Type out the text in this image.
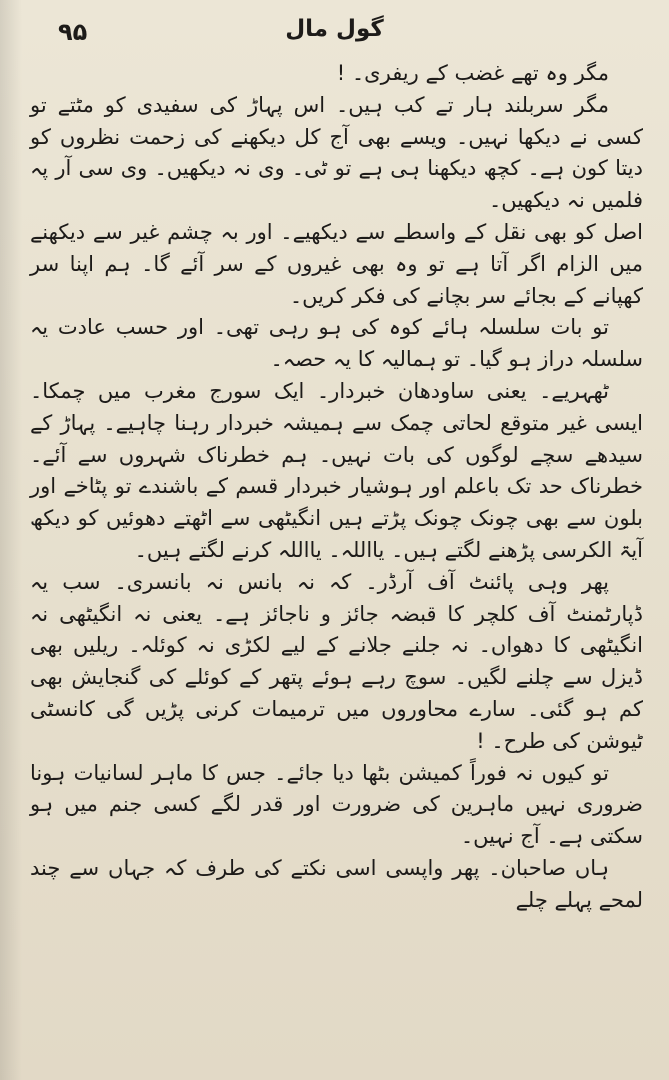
۹۵	گول مال

مگر وہ تھے غضب کے ریفری۔ !

مگر سربلند ہار تے کب ہیں۔ اس پہاڑ کی سفیدی کو مٹتے تو کسی نے دیکھا نہیں۔ ویسے بھی آج کل دیکھنے کی زحمت نظروں کو دیتا کون ہے۔ کچھ دیکھنا ہی ہے تو ٹی۔ وی نہ دیکھیں۔ وی سی آر پہ فلمیں نہ دیکھیں۔

اصل کو بھی نقل کے واسطے سے دیکھیے۔ اور بہ چشم غیر سے دیکھنے میں الزام اگر آتا ہے تو وہ بھی غیروں کے سر آئے گا۔ ہم اپنا سر کھپانے کے بجائے سر بچانے کی فکر کریں۔

تو بات سلسلہ ہائے کوہ کی ہو رہی تھی۔ اور حسب عادت یہ سلسلہ دراز ہو گیا۔ تو ہمالیہ کا یہ حصہ۔

ٹھہریے۔ یعنی ساودھان خبردار۔ ایک سورج مغرب میں چمکا۔ ایسی غیر متوقع لحاتی چمک سے ہمیشہ خبردار رہنا چاہیے۔ پہاڑ کے سیدھے سچے لوگوں کی بات نہیں۔ ہم خطرناک شہروں سے آئے۔ خطرناک حد تک باعلم اور ہوشیار خبردار قسم کے باشندے تو پٹاخے اور بلون سے بھی چونک چونک پڑتے ہیں انگیٹھی سے اٹھتے دھوئیں کو دیکھ آیۃ الکرسی پڑھنے لگتے ہیں۔ یااللہ۔ یااللہ کرنے لگتے ہیں۔

پھر وہی پائنٹ آف آرڈر۔ کہ نہ بانس نہ بانسری۔ سب یہ ڈپارٹمنٹ آف کلچر کا قبضہ جائز و ناجائز ہے۔ یعنی نہ انگیٹھی نہ انگیٹھی کا دھواں۔ نہ جلنے جلانے کے لیے لکڑی نہ کوئلہ۔ ریلیں بھی ڈیزل سے چلنے لگیں۔ سوچ رہے ہوئے پتھر کے کوئلے کی گنجایش بھی کم ہو گئی۔ سارے محاوروں میں ترمیمات کرنی پڑیں گی کانسٹی ٹیوشن کی طرح۔ !

تو کیوں نہ فوراً کمیشن بٹھا دیا جائے۔ جس کا ماہر لسانیات ہونا ضروری نہیں ماہرین کی ضرورت اور قدر لگے کسی جنم میں ہو سکتی ہے۔ آج نہیں۔

ہاں صاحبان۔ پھر واپسی اسی نکتے کی طرف کہ جہاں سے چند لمحے پہلے چلے
